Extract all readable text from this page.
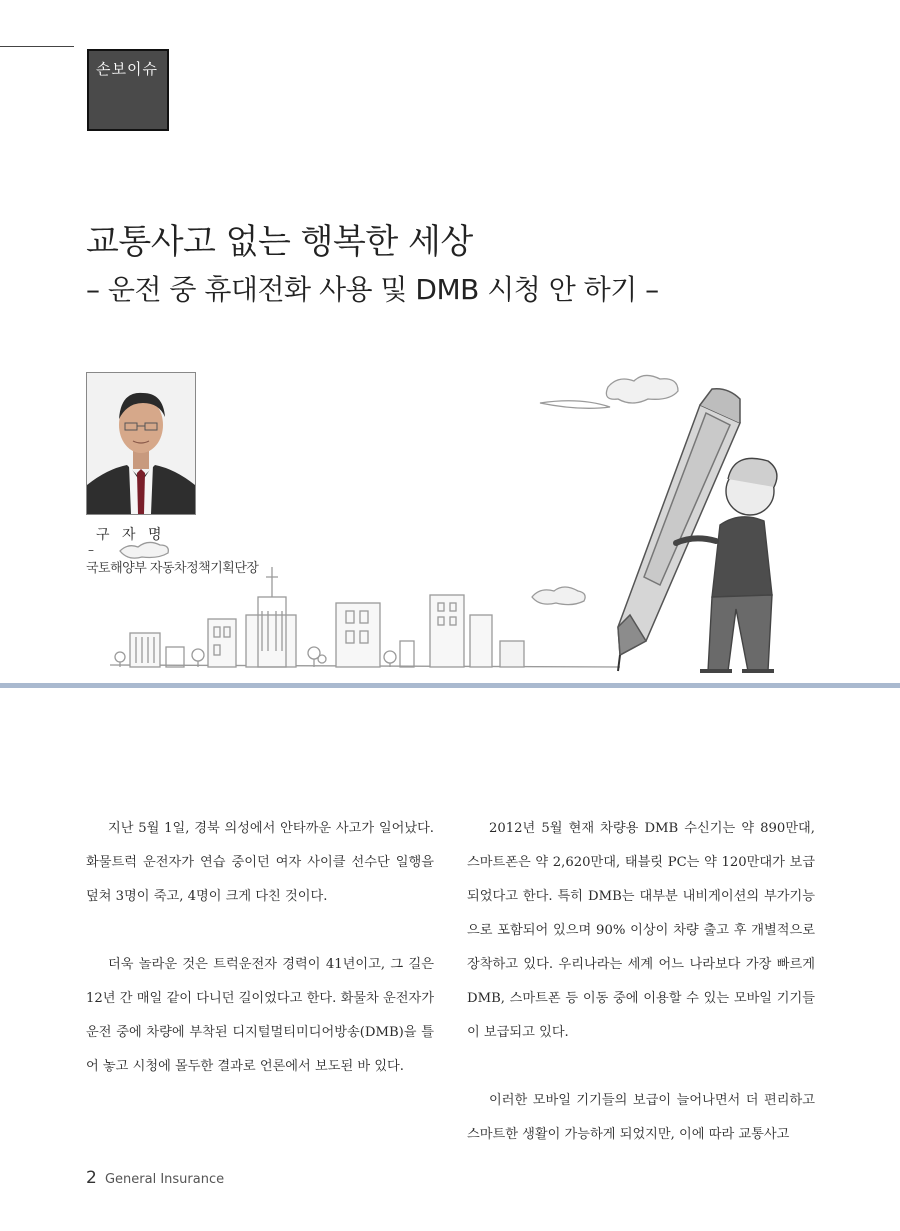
손보이슈
교통사고 없는 행복한 세상
– 운전 중 휴대전화 사용 및 DMB 시청 안 하기 –
구 자 명
–
국토해양부 자동차정책기획단장

지난 5월 1일, 경북 의성에서 안타까운 사고가 일어났다. 화물트럭 운전자가 연습 중이던 여자 사이클 선수단 일행을 덮쳐 3명이 죽고, 4명이 크게 다친 것이다.

더욱 놀라운 것은 트럭운전자 경력이 41년이고, 그 길은 12년 간 매일 같이 다니던 길이었다고 한다. 화물차 운전자가 운전 중에 차량에 부착된 디지털멀티미디어방송(DMB)을 틀어 놓고 시청에 몰두한 결과로 언론에서 보도된 바 있다.

2012년 5월 현재 차량용 DMB 수신기는 약 890만대, 스마트폰은 약 2,620만대, 태블릿 PC는 약 120만대가 보급되었다고 한다. 특히 DMB는 대부분 내비게이션의 부가기능으로 포함되어 있으며 90% 이상이 차량 출고 후 개별적으로 장착하고 있다. 우리나라는 세계 어느 나라보다 가장 빠르게 DMB, 스마트폰 등 이동 중에 이용할 수 있는 모바일 기기들이 보급되고 있다.

이러한 모바일 기기들의 보급이 늘어나면서 더 편리하고 스마트한 생활이 가능하게 되었지만, 이에 따라 교통사고

2 General Insurance
